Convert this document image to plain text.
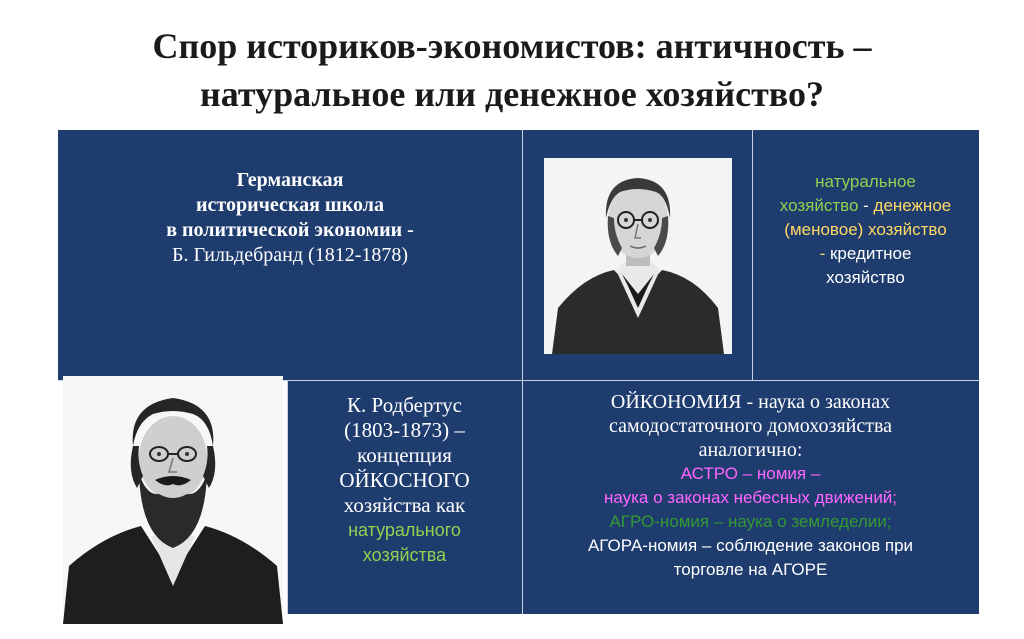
Спор историков-экономистов: античность –
натуральное или денежное хозяйство?
Германская
историческая школа
в политической экономии -
Б. Гильдебранд (1812-1878)
натуральное
хозяйство - денежное
(меновое) хозяйство
- кредитное
хозяйство
К. Родбертус
(1803-1873) –
концепция
ОЙКОСНОГО
хозяйства как
натурального
хозяйства
ОЙКОНОМИЯ - наука о законах
самодостаточного домохозяйства
аналогично:
АСТРО – номия –
наука о законах небесных движений;
АГРО-номия – наука о земледелии;
АГОРА-номия – соблюдение законов при
торговле на АГОРЕ
